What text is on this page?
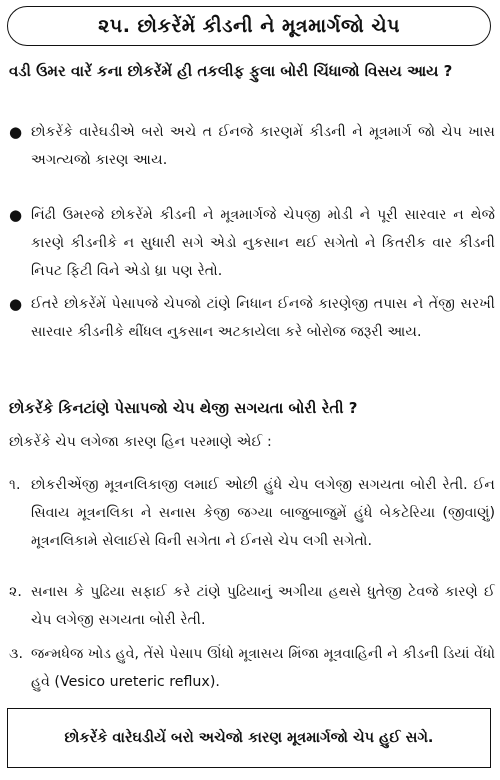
૨૫. છોકરેંમેં કીડની ને મૂત્રમાર્ગજો ચેપ
વડી ઉમર વારેં કના છોકરેંમેં હી તકલીફ ફુલા બોરી ચિંધાજો વિસય આય ?
● છોકરેંકે વારેઘડીએ બરો અચે ત ઈનજે કારણમેં કીડની ને મૂત્રમાર્ગ જો ચેપ ખાસ અગત્યજો કારણ આય.
● નિંઢી ઉમરજે છોકરેંમે કીડની ને મૂત્રમાર્ગજે ચેપજી મોડી ને પૂરી સારવાર ન થેજે કારણે કીડનીકે ન સુધારી સગે એડો નુકસાન થઈ સગેતો ને કિતરીક વાર કીડની નિપટ ફિટી વિને એડો ધ્રા પણ રેતો.
● ઈતરે છોકરેંમેં પેસાપજે ચેપજો ટાંણે નિધાન ઈનજે કારણેજી તપાસ ને તેંજી સરખી સારવાર કીડનીકે થીંધલ નુકસાન અટકાયેલા કરે બોરોજ જરૂરી આય.
છોકરેંકે કિનટાંણે પેસાપજો ચેપ થેજી સગયતા બોરી રેતી ?
છોકરેંકે ચેપ લગેજા કારણ હિન પરમાણે એઈ :
૧. છોકરીએંજી મૂત્રનલિકાજી લમાઈ ઓછી હુંધે ચેપ લગેજી સગયતા બોરી રેતી. ઈન સિવાય મૂત્રનલિકા ને સનાસ કેજી જગ્યા બાજુબાજુમેં હુંધે બેકટેરિયા (જીવાણું) મૂત્રનલિકામે સેલાઈસે વિની સગેતા ને ઈનસે ચેપ લગી સગેતો.
૨. સનાસ કે પુઢિયા સફાઈ કરે ટાંણે પુઢિયાનું અગીયા હથસે ધુતેજી ટેવજે કારણે ઈ ચેપ લગેજી સગયતા બોરી રેતી.
૩. જન્મધેજ ખોડ હુવે, તેંસે પેસાપ ઊંધો મૂત્રાસય મિંજા મૂત્રવાહિની ને કીડની ડિયાં વેંધો હુવે (Vesico ureteric reflux).
છોકરેંકે વારેઘડીયેં બરો અચેજો કારણ મૂત્રમાર્ગજો ચેપ હુઈ સગે.
